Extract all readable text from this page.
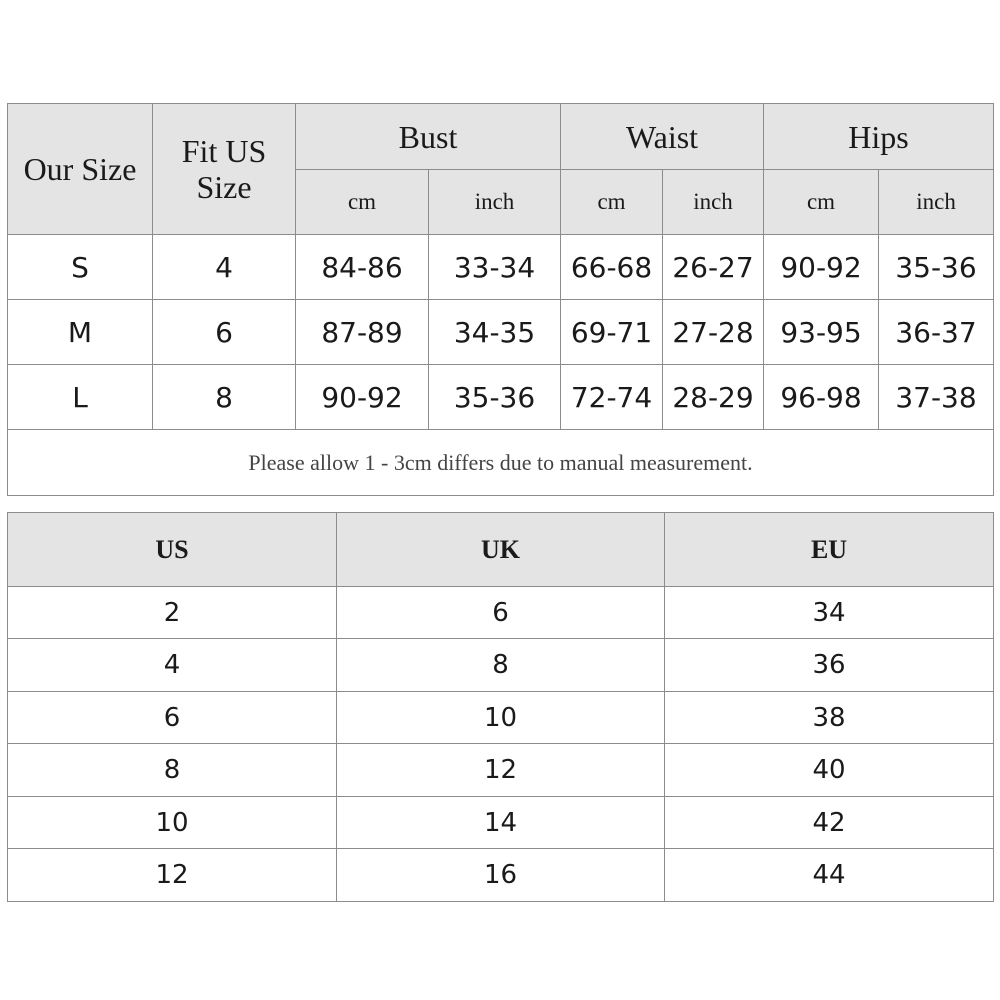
Our Size	Fit US Size	Bust		Waist		Hips	
		cm	inch	cm	inch	cm	inch
S	4	84-86	33-34	66-68	26-27	90-92	35-36
M	6	87-89	34-35	69-71	27-28	93-95	36-37
L	8	90-92	35-36	72-74	28-29	96-98	37-38
Please allow 1 - 3cm differs due to manual measurement.							
US	UK	EU
2	6	34
4	8	36
6	10	38
8	12	40
10	14	42
12	16	44
